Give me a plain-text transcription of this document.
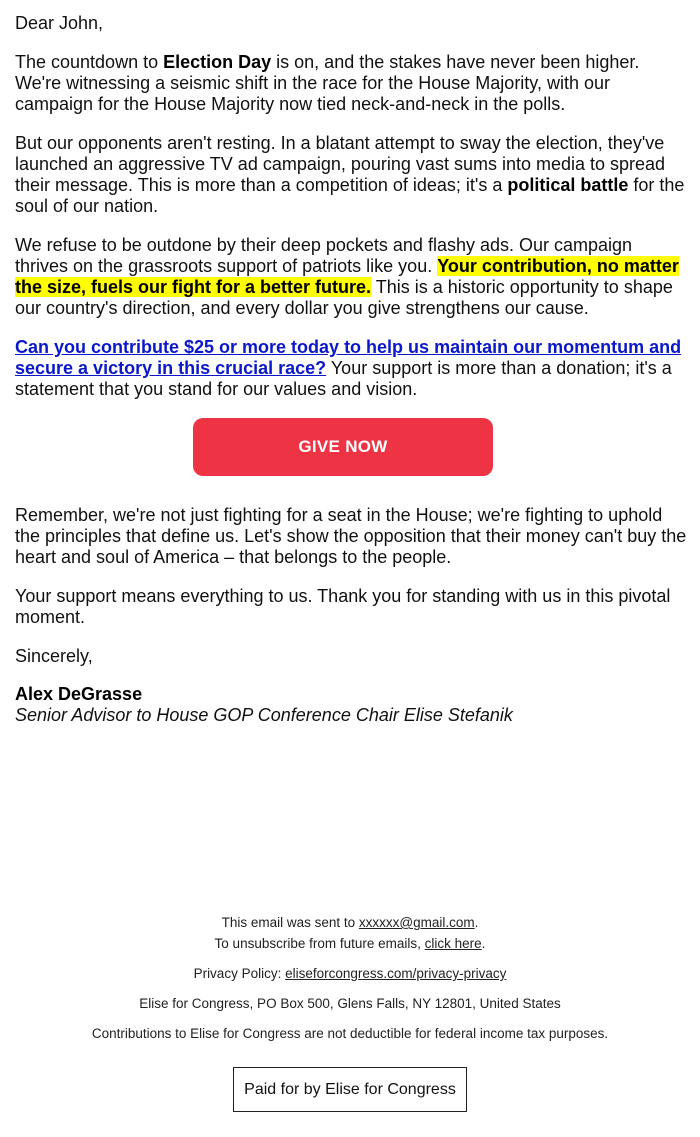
Dear John,

The countdown to Election Day is on, and the stakes have never been higher. We're witnessing a seismic shift in the race for the House Majority, with our campaign for the House Majority now tied neck-and-neck in the polls.

But our opponents aren't resting. In a blatant attempt to sway the election, they've launched an aggressive TV ad campaign, pouring vast sums into media to spread their message. This is more than a competition of ideas; it's a political battle for the soul of our nation.

We refuse to be outdone by their deep pockets and flashy ads. Our campaign thrives on the grassroots support of patriots like you. Your contribution, no matter the size, fuels our fight for a better future. This is a historic opportunity to shape our country's direction, and every dollar you give strengthens our cause.

Can you contribute $25 or more today to help us maintain our momentum and secure a victory in this crucial race? Your support is more than a donation; it's a statement that you stand for our values and vision.

GIVE NOW

Remember, we're not just fighting for a seat in the House; we're fighting to uphold the principles that define us. Let's show the opposition that their money can't buy the heart and soul of America – that belongs to the people.

Your support means everything to us. Thank you for standing with us in this pivotal moment.

Sincerely,

Alex DeGrasse
Senior Advisor to House GOP Conference Chair Elise Stefanik

This email was sent to xxxxxx@gmail.com.
To unsubscribe from future emails, click here.

Privacy Policy: eliseforcongress.com/privacy-privacy

Elise for Congress, PO Box 500, Glens Falls, NY 12801, United States

Contributions to Elise for Congress are not deductible for federal income tax purposes.

Paid for by Elise for Congress
